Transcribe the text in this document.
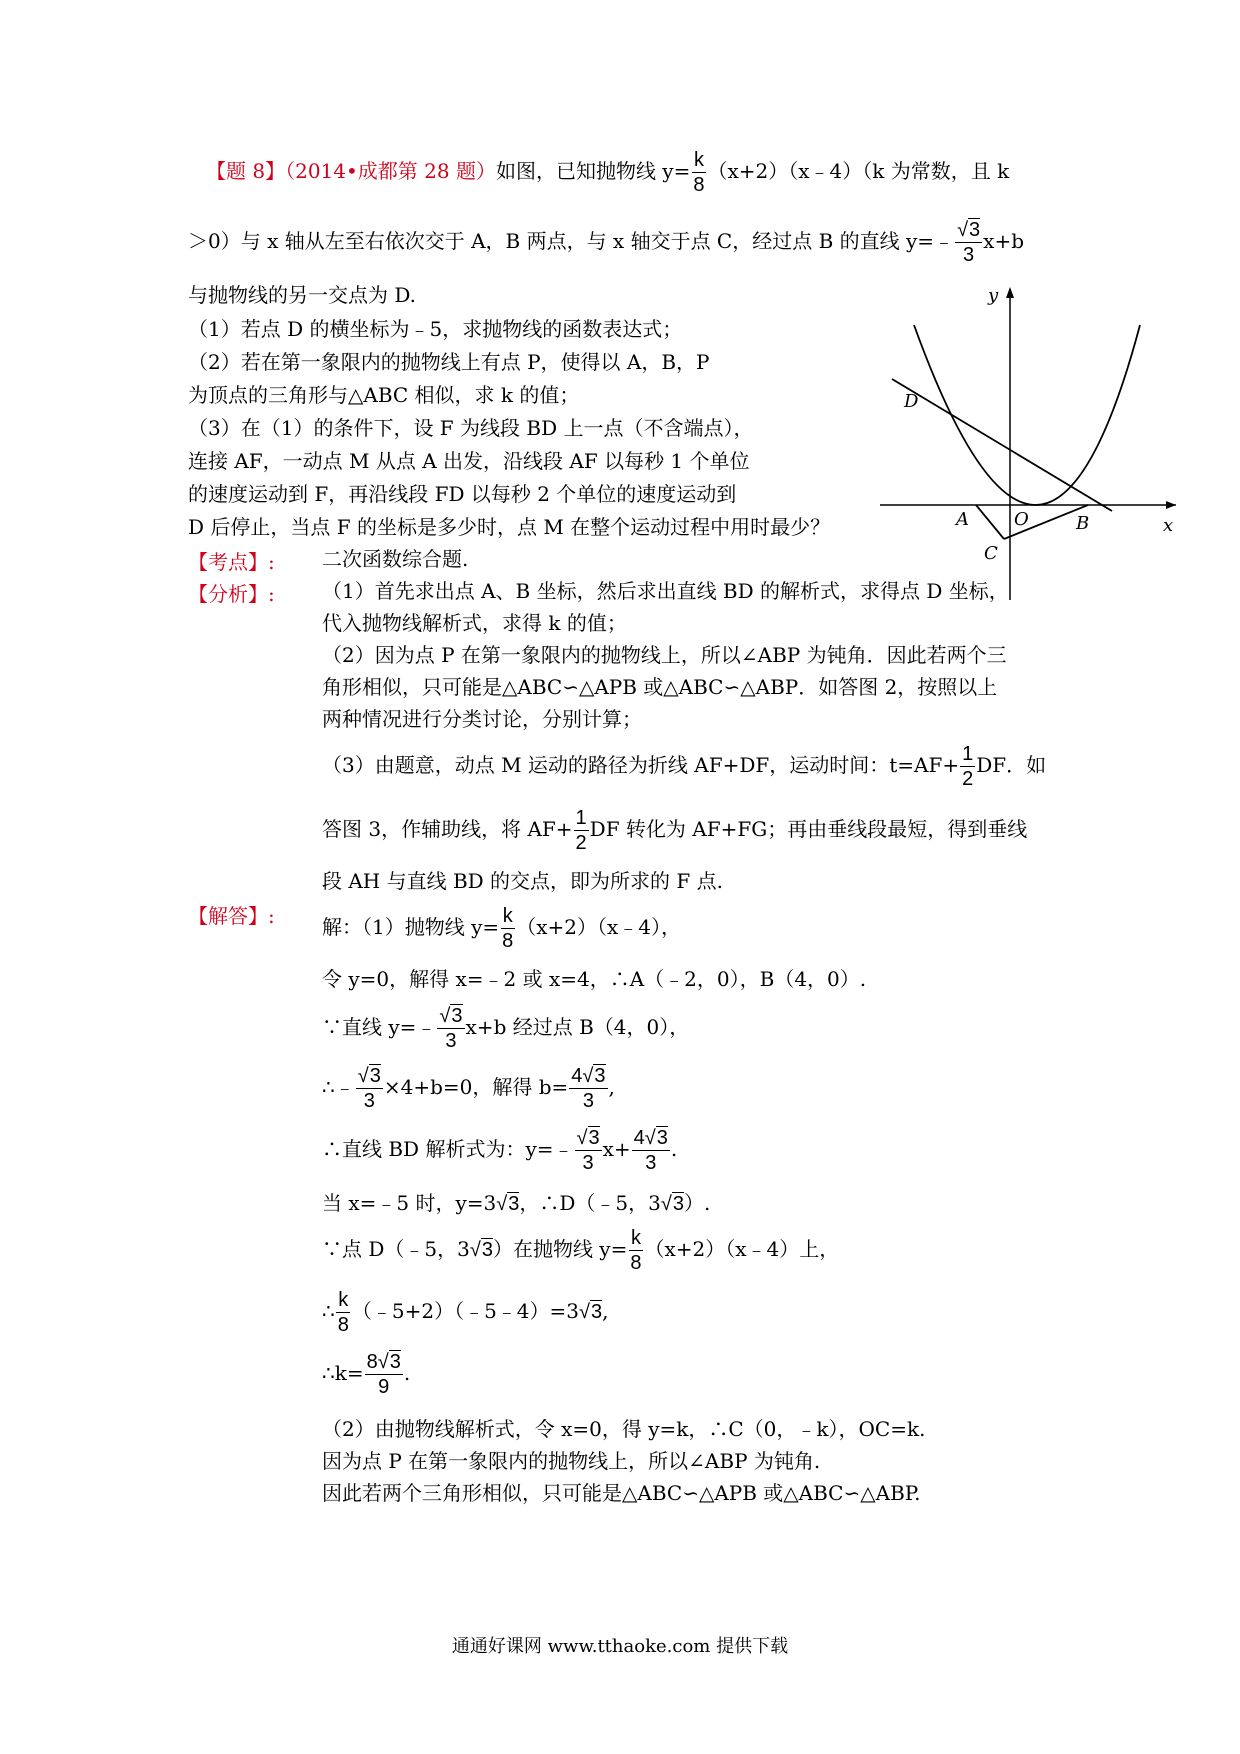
【题 8】（2014•成都第 28 题）如图，已知抛物线 $y= \frac{k}{8}$ （x+2）（x﹣4）（k 为常数，且 k
＞0）与 x 轴从左至右依次交于 A，B 两点，与 x 轴交于点 C，经过点 B 的直线 y=﹣ $\frac{√3}{3} x+b$
与抛物线的另一交点为 D.
（1）若点 D 的横坐标为﹣5，求抛物线的函数表达式；
（2）若在第一象限内的抛物线上有点 P，使得以 A，B，P
为顶点的三角形与△ABC 相似，求 k 的值；
（3）在（1）的条件下，设 F 为线段 BD 上一点（不含端点），
连接 AF，一动点 M 从点 A 出发，沿线段 AF 以每秒 1 个单位
的速度运动到 F，再沿线段 FD 以每秒 2 个单位的速度运动到
D 后停止，当点 F 的坐标是多少时，点 M 在整个运动过程中用时最少？
y
x
D
A	O	B
C
【考点】: 二次函数综合题.
【分析】: （1）首先求出点 A、B 坐标，然后求出直线 BD 的解析式，求得点 D 坐标，
代入抛物线解析式，求得 k 的值；
（2）因为点 P 在第一象限内的抛物线上，所以∠ABP 为钝角．因此若两个三
角形相似，只可能是△ABC∽△APB 或△ABC∽△ABP．如答图 2，按照以上
两种情况进行分类讨论，分别计算；
（3）由题意，动点 M 运动的路径为折线 AF+DF，运动时间：$t=AF+ \frac{1}{2}$ DF．如
答图 3，作辅助线，将 $AF+ \frac{1}{2}$ DF 转化为 AF+FG；再由垂线段最短，得到垂线
段 AH 与直线 BD 的交点，即为所求的 F 点.
【解答】: 解：（1）抛物线 $y= \frac{k}{8}$ （x+2）（x﹣4），
令 y=0，解得 x=﹣2 或 x=4，∴A（﹣2，0），B（4，0）.
∵直线 y=﹣ $\frac{√3}{3} x+b$ 经过点 B（4，0），
∴﹣ $\frac{√3}{3} \times 4+b=0$，解得 $b= \frac{4√3}{3}$ ,
∴直线 BD 解析式为：y=﹣ $\frac{√3}{3} x+ \frac{4√3}{3}$ .
当 x=﹣5 时，y=3√3，∴D（﹣5，3√3）.
∵点 D（﹣5，3√3）在抛物线 $y= \frac{k}{8}$ （x+2）（x﹣4）上，
∴ $\frac{k}{8}$ （﹣5+2）（﹣5﹣4）=3√3,
∴k= $\frac{8√3}{9}$ .
（2）由抛物线解析式，令 x=0，得 y=k，∴C（0，﹣k），OC=k.
因为点 P 在第一象限内的抛物线上，所以∠ABP 为钝角.
因此若两个三角形相似，只可能是△ABC∽△APB 或△ABC∽△ABP.
通通好课网 www.tthaoke.com 提供下载
